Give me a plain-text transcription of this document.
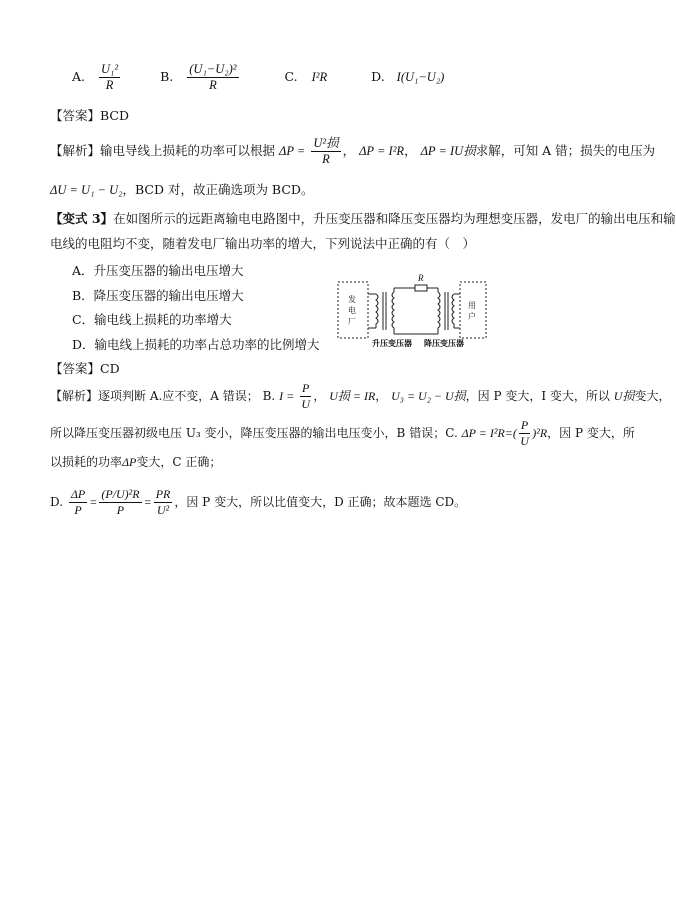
A. $\frac{\text{U₁²}}{R}$	B. $\frac{\text{(U₁−U₂)²}}{R}$	C. I²R	D. I(U₁−U₂)
【答案】BCD
【解析】输电导线上损耗的功率可以根据 $\Delta P = \frac{\text{U²损}}{R}$ ， ΔP = I²R， ΔP = IU损求解，可知 A 错；损失的电压为
ΔU = U₁ − U₂，BCD 对，故正确选项为 BCD。
【变式 3】在如图所示的远距离输电电路图中，升压变压器和降压变压器均为理想变压器，发电厂的输出电压和输
电线的电阻均不变，随着发电厂输出功率的增大，下列说法中正确的有（　）
A．升压变压器的输出电压增大
B．降压变压器的输出电压增大
C．输电线上损耗的功率增大
D．输电线上损耗的功率占总功率的比例增大
发
电
厂
用
户
R
升压变压器 降压变压器
【答案】CD
【解析】逐项判断 A.应不变，A 错误； B. $I = \frac{P}{U}$ ， U损 = IR， U₃ = U₂ − U损，因 P 变大，I 变大，所以 U损变大，
所以降压变压器初级电压 U₃ 变小，降压变压器的输出电压变小，B 错误；C. $\Delta P = I^2R=( \frac{P}{U} )^2R$，因 P 变大，所
以损耗的功率ΔP变大，C 正确；
D. $\frac{\Delta P}{P} = \frac{\text{(P/U)²R}}{P} = \frac{PR}{\text{U²}}$ ，因 P 变大，所以比值变大，D 正确；故本题选 CD。
